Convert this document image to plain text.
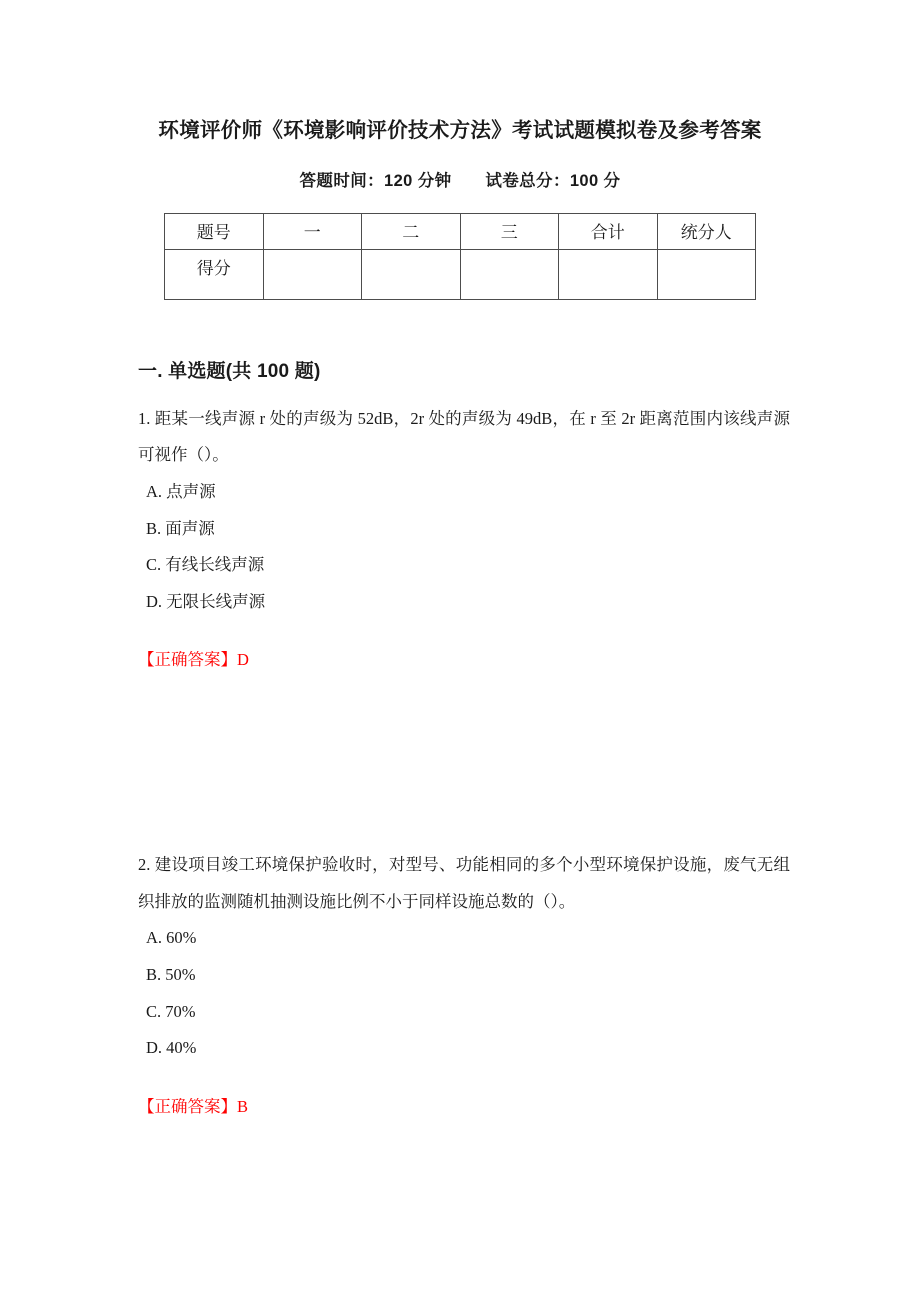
环境评价师《环境影响评价技术方法》考试试题模拟卷及参考答案
答题时间：120 分钟　　试卷总分：100 分
题号	一	二	三	合计	统分人
得分					
一. 单选题(共 100 题)

1. 距某一线声源 r 处的声级为 52dB，2r 处的声级为 49dB，在 r 至 2r 距离范围内该线声源可视作（）。

A. 点声源
B. 面声源
C. 有线长线声源
D. 无限长线声源

【正确答案】D

2. 建设项目竣工环境保护验收时，对型号、功能相同的多个小型环境保护设施，废气无组织排放的监测随机抽测设施比例不小于同样设施总数的（）。

A. 60%
B. 50%
C. 70%
D. 40%

【正确答案】B
